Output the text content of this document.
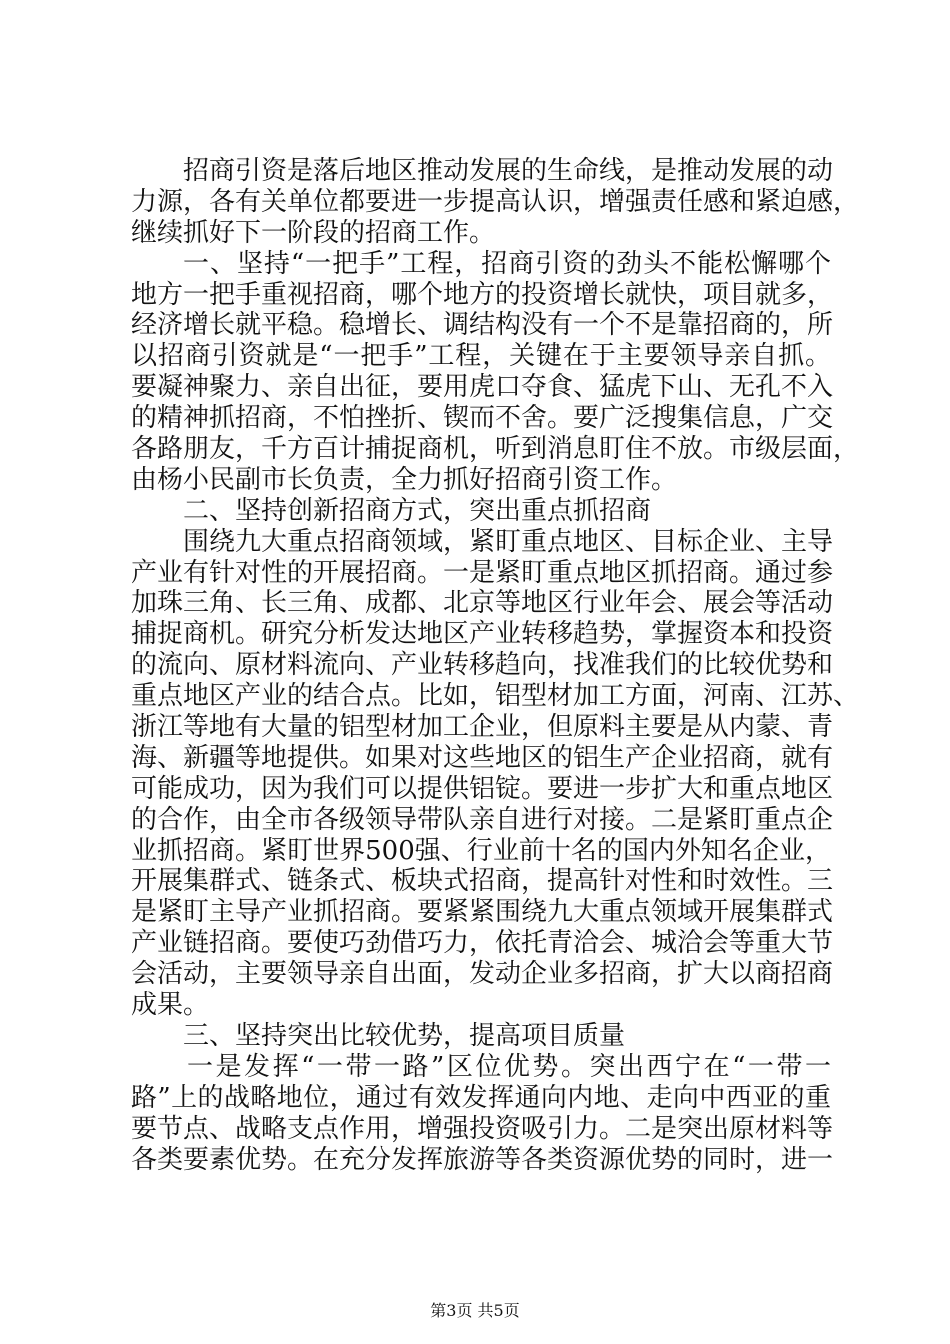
招商引资是落后地区推动发展的生命线，是推动发展的动
力源，各有关单位都要进一步提高认识，增强责任感和紧迫感，
继续抓好下一阶段的招商工作。
一、坚持“一把手”工程，招商引资的劲头不能松懈哪个
地方一把手重视招商，哪个地方的投资增长就快，项目就多，
经济增长就平稳。稳增长、调结构没有一个不是靠招商的，所
以招商引资就是“一把手”工程，关键在于主要领导亲自抓。
要凝神聚力、亲自出征，要用虎口夺食、猛虎下山、无孔不入
的精神抓招商，不怕挫折、锲而不舍。要广泛搜集信息，广交
各路朋友，千方百计捕捉商机，听到消息盯住不放。市级层面，
由杨小民副市长负责，全力抓好招商引资工作。
二、坚持创新招商方式，突出重点抓招商
围绕九大重点招商领域，紧盯重点地区、目标企业、主导
产业有针对性的开展招商。一是紧盯重点地区抓招商。通过参
加珠三角、长三角、成都、北京等地区行业年会、展会等活动
捕捉商机。研究分析发达地区产业转移趋势，掌握资本和投资
的流向、原材料流向、产业转移趋向，找准我们的比较优势和
重点地区产业的结合点。比如，铝型材加工方面，河南、江苏、
浙江等地有大量的铝型材加工企业，但原料主要是从内蒙、青
海、新疆等地提供。如果对这些地区的铝生产企业招商，就有
可能成功，因为我们可以提供铝锭。要进一步扩大和重点地区
的合作，由全市各级领导带队亲自进行对接。二是紧盯重点企
业抓招商。紧盯世界500强、行业前十名的国内外知名企业，
开展集群式、链条式、板块式招商，提高针对性和时效性。三
是紧盯主导产业抓招商。要紧紧围绕九大重点领域开展集群式
产业链招商。要使巧劲借巧力，依托青洽会、城洽会等重大节
会活动，主要领导亲自出面，发动企业多招商，扩大以商招商
成果。
三、坚持突出比较优势，提高项目质量
一是发挥“一带一路”区位优势。突出西宁在“一带一
路”上的战略地位，通过有效发挥通向内地、走向中西亚的重
要节点、战略支点作用，增强投资吸引力。二是突出原材料等
各类要素优势。在充分发挥旅游等各类资源优势的同时，进一
第3页 共5页
